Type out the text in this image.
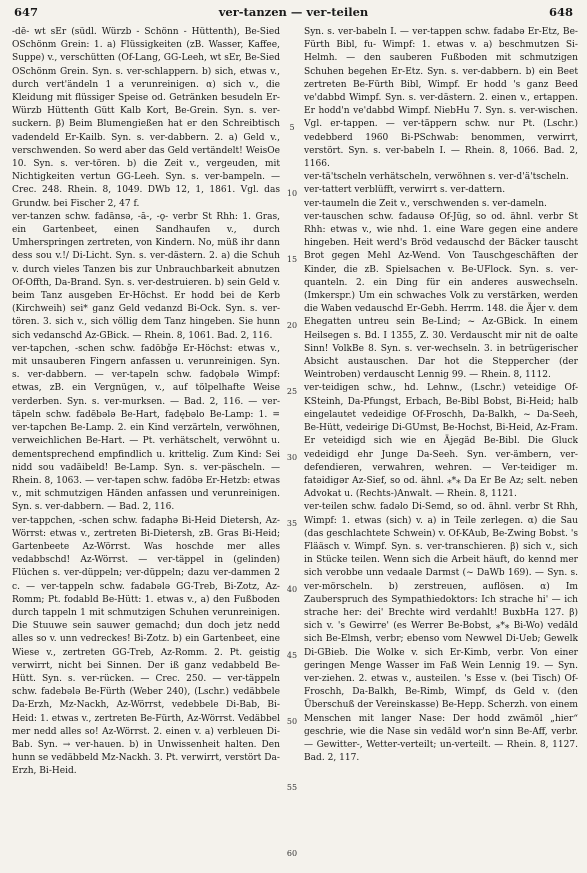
647	ver-tanzen — ver-teilen	648

-dē- wt sEr (südl. Würzb - Schönn - Hüttenth), Be-Sied OSchönm Grein: 1. a) Flüssigkeiten (zB. Wasser, Kaffee, Suppe) v., verschütten (Of-Lang, GG-Leeh, wt sEr, Be-Sied OSchönm Grein. Syn. s. ver-schlappern. b) sich, etwas v., durch vert'ändeln 1 a verunreinigen. α) sich v., die Kleidung mit flüssiger Speise od. Getränken besudeln Er-Würzb Hüttenth Gütt Kalb Kort, Be-Grein. Syn. s. ver-suckern. β) Beim Blumengießen hat er den Schreibtisch vadendeld Er-Kailb. Syn. s. ver-dabbern. 2. a) Geld v., verschwenden. So werd aber das Geld vertändelt! WeisOe 10. Syn. s. ver-tören. b) die Zeit v., vergeuden, mit Nichtigkeiten vertun GG-Leeh. Syn. s. ver-bampeln. — Crec. 248. Rhein. 8, 1049. DWb 12, 1, 1861. Vgl. das Grundw. bei Fischer 2, 47 f.

ver-tanzen schw. fadānsə, -ā-, -ǫ- verbr St Rhh: 1. Gras, ein Gartenbeet, einen Sandhaufen v., durch Umherspringen zertreten, von Kindern. No, müß ihr dann dess sou v.!/ Di-Licht. Syn. s. ver-dästern. 2. a) die Schuh v. durch vieles Tanzen bis zur Unbrauchbarkeit abnutzen Of-Offth, Da-Brand. Syn. s. ver-destruieren. b) sein Geld v. beim Tanz ausgeben Er-Höchst. Er hodd bei de Kerb (Kirchweih) sei* ganz Geld vedanzd Bi-Ock. Syn. s. ver-tören. 3. sich v., sich völlig dem Tanz hingeben. Sie hunn sich vedanschd Az-GBick. — Rhein. 8, 1061. Bad. 2, 116.

ver-tapchen, -schen schw. fadōbǧə Er-Höchst: etwas v., mit unsauberen Fingern anfassen u. verunreinigen. Syn. s. ver-dabbern. — ver-tapeln schw. fadǫbələ Wimpf: etwas, zB. ein Vergnügen, v., auf tölpelhafte Weise verderben. Syn. s. ver-murksen. — Bad. 2, 116. — ver-täpeln schw. fadēbələ Be-Hart, fadębəlo Be-Lamp: 1. = ver-tapchen Be-Lamp. 2. ein Kind verzärteln, verwöhnen, verweichlichen Be-Hart. — Pt. verhätschelt, verwöhnt u. dementsprechend empfindlich u. krittelig. Zum Kind: Sei nidd sou vadäibeld! Be-Lamp. Syn. s. ver-päscheln. — Rhein. 8, 1063. — ver-tapen schw. fadōbə Er-Hetzb: etwas v., mit schmutzigen Händen anfassen und verunreinigen. Syn. s. ver-dabbern. — Bad. 2, 116.

ver-tappchen, -schen schw. fadaphə Bi-Heid Dietersh, Az-Wörrst: etwas v., zertreten Bi-Dietersh, zB. Gras Bi-Heid; Gartenbeete Az-Wörrst. Was hoschde mer alles vedabbschd! Az-Wörrst. — ver-täppel in (gelinden) Flüchen s. ver-düppeln; ver-düppeln; dazu ver-dammen 2 c. — ver-tappeln schw. fadabələ GG-Treb, Bi-Zotz, Az-Romm; Pt. fodabld Be-Hütt: 1. etwas v., a) den Fußboden durch tappeln 1 mit schmutzigen Schuhen verunreinigen. Die Stuuwe sein sauwer gemachd; dun doch jetz nedd alles so v. unn vedreckes! Bi-Zotz. b) ein Gartenbeet, eine Wiese v., zertreten GG-Treb, Az-Romm. 2. Pt. geistig verwirrt, nicht bei Sinnen. Der iß ganz vedabbeld Be-Hütt. Syn. s. ver-rücken. — Crec. 250. — ver-täppeln schw. fadebələ Be-Fürth (Weber 240), (Lschr.) vedäbbele Da-Erzh, Mz-Nackh, Az-Wörrst, vedebbele Di-Bab, Bi-Heid: 1. etwas v., zertreten Be-Fürth, Az-Wörrst. Vedäbbel mer nedd alles so! Az-Wörrst. 2. einen v. a) verbleuen Di-Bab. Syn. → ver-hauen. b) in Unwissenheit halten. Den hunn se vedäbbeld Mz-Nackh. 3. Pt. verwirrt, verstört Da-Erzh, Bi-Heid.

5
10
15
20
25
30
35
40
45
50
55
60

Syn. s. ver-babeln I. — ver-tappen schw. fadabə Er-Etz, Be-Fürth Bibl, fu- Wimpf: 1. etwas v. a) beschmutzen Si-Helmh. — den sauberen Fußboden mit schmutzigen Schuhen begehen Er-Etz. Syn. s. ver-dabbern. b) ein Beet zertreten Be-Fürth Bibl, Wimpf. Er hodd 's ganz Beed ve'dabbd Wimpf. Syn. s. ver-dästern. 2. einen v., ertappen. Er hodd'n ve'dabbd Wimpf. NiebHu 7. Syn. s. ver-wischen. Vgl. er-tappen. — ver-täppern schw. nur Pt. (Lschr.) vedebberd 1960 Bi-PSchwab: benommen, verwirrt, verstört. Syn. s. ver-babeln I. — Rhein. 8, 1066. Bad. 2, 1166.

ver-tä'tscheln verhätscheln, verwöhnen s. ver-d'ä'tscheln.

ver-tattert verblüfft, verwirrt s. ver-dattern.

ver-taumeln die Zeit v., verschwenden s. ver-dameln.

ver-tauschen schw. fadausə Of-Jüg, so od. ähnl. verbr St Rhh: etwas v., wie nhd. 1. eine Ware gegen eine andere hingeben. Heit werd's Bröd vedauschd der Bäcker tauscht Brot gegen Mehl Az-Wend. Von Tauschgeschäften der Kinder, die zB. Spielsachen v. Be-UFlock. Syn. s. ver-quanteln. 2. ein Ding für ein anderes auswechseln. (Imkerspr.) Um ein schwaches Volk zu verstärken, werden die Waben vedauschd Er-Gebh. Herrm. 148. die Äjer v. dem Ehegatten untreu sein Be-Lind; ~ Az-GBick. In einem Heilsegen s. Bd. I 1355, Z. 30. Verdauscht mir nit de oalte Sinn! VolkBe 8. Syn. s. ver-wechseln. 3. in betrügerischer Absicht austauschen. Dar hot die Steppercher (der Weintroben) verdauscht Lennig 99. — Rhein. 8, 1112.

ver-teidigen schw., hd. Lehnw., (Lschr.) veteidige Of-KSteinh, Da-Pfungst, Erbach, Be-Bibl Bobst, Bi-Heid; halb eingelautet vedeidige Of-Froschh, Da-Balkh, ~ Da-Seeh, Be-Hütt, vedeirige Di-GUmst, Be-Hochst, Bi-Heid, Az-Fram. Er veteidigd sich wie en Äjegäd Be-Bibl. Die Gluck vedeidigd ehr Junge Da-Seeh. Syn. ver-ämbern, ver-defendieren, verwahren, wehren. — Ver-teidiger m. fatəidigər Az-Sief, so od. ähnl. ⁎*⁎ Da Er Be Az; selt. neben Advokat u. (Rechts-)Anwalt. — Rhein. 8, 1121.

ver-teilen schw. fadəlo Di-Semd, so od. ähnl. verbr St Rhh, Wimpf: 1. etwas (sich) v. a) in Teile zerlegen. α) die Sau (das geschlachtete Schwein) v. Of-KAub, Be-Zwing Bobst. 's Flääsch v. Wimpf. Syn. s. ver-transchieren. β) sich v., sich in Stücke teilen. Wenn sich die Arbeit häuft, do kennd mer sich verobbe unn vedaale Darmst (~ DaWb 169). — Syn. s. ver-mörscheln. b) zerstreuen, auflösen. α) Im Zauberspruch des Sympathiedoktors: Ich strache hi' — ich strache her: dei' Brechte wird verdahlt! BuxbHa 127. β) sich v. 's Gewirre' (es Werrer Be-Bobst, ⁎*⁎ Bi-Wo) vedāld sich Be-Elmsh, verbr; ebenso vom Newwel Di-Ueb; Gewelk Di-GBieb. Die Wolke v. sich Er-Kimb, verbr. Von einer geringen Menge Wasser im Faß Wein Lennig 19. — Syn. ver-ziehen. 2. etwas v., austeilen. 's Esse v. (bei Tisch) Of-Froschh, Da-Balkh, Be-Rimb, Wimpf, ds Geld v. (den Überschuß der Vereinskasse) Be-Hepp. Scherzh. von einem Menschen mit langer Nase: Der hodd zwämöl „hier“ geschrie, wie die Nase sin vedāld wor'n sinn Be-Aff, verbr. — Gewitter-, Wetter-verteilt; un-verteilt. — Rhein. 8, 1127. Bad. 2, 117.
